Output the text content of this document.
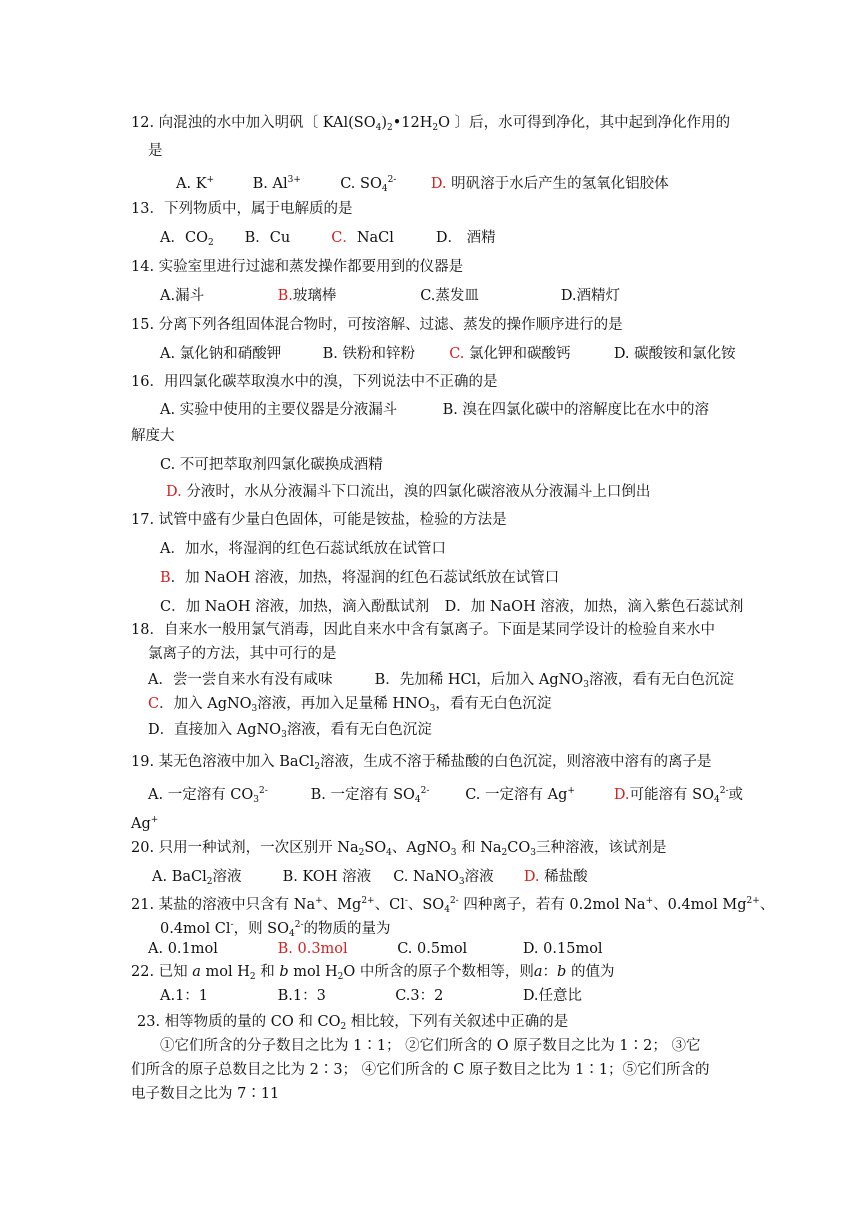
12. 向混浊的水中加入明矾〔 $KAl(SO_4)_2•12H_2O$ 〕后，水可得到净化，其中起到净化作用的
是
A. K+	B. $Al^{3+}$	C. $SO_4^{2-}$ D. 明矾溶于水后产生的氢氧化铝胶体
13．下列物质中，属于电解质的是
A．$CO_2$ B．Cu	C．NaCl	D． 酒精
14. 实验室里进行过滤和蒸发操作都要用到的仪器是
A.漏斗	B.玻璃棒	C.蒸发皿	D.酒精灯
15. 分离下列各组固体混合物时，可按溶解、过滤、蒸发的操作顺序进行的是
A. 氯化钠和硝酸钾	B. 铁粉和锌粉 C. 氯化钾和碳酸钙	D. 碳酸铵和氯化铵
16．用四氯化碳萃取溴水中的溴，下列说法中不正确的是
A. 实验中使用的主要仪器是分液漏斗	B. 溴在四氯化碳中的溶解度比在水中的溶
解度大
C. 不可把萃取剂四氯化碳换成酒精
D. 分液时，水从分液漏斗下口流出，溴的四氯化碳溶液从分液漏斗上口倒出
17. 试管中盛有少量白色固体，可能是铵盐，检验的方法是
A．加水，将湿润的红色石蕊试纸放在试管口
B．加 NaOH 溶液，加热，将湿润的红色石蕊试纸放在试管口
C．加 NaOH 溶液，加热，滴入酚酞试剂 D．加 NaOH 溶液，加热，滴入紫色石蕊试剂
18．自来水一般用氯气消毒，因此自来水中含有氯离子。下面是某同学设计的检验自来水中
氯离子的方法，其中可行的是
A．尝一尝自来水有没有咸味	B．先加稀 HCl，后加入 AgNO$_3$溶液，看有无白色沉淀
C．加入 AgNO$_3$溶液，再加入足量稀 $HNO_3$，看有无白色沉淀
D．直接加入 AgNO$_3$溶液，看有无白色沉淀
19. 某无色溶液中加入 BaCl$_2$溶液，生成不溶于稀盐酸的白色沉淀，则溶液中溶有的离子是
A. 一定溶有 $CO_3^{2-}$	B. 一定溶有 $SO_4^{2-}$ C. 一定溶有 Ag+	D.可能溶有 $SO_4^{2-}$或
Ag+
20. 只用一种试剂，一次区别开 $Na_2SO_4$、AgNO$_3$ 和 $Na_2CO_3$三种溶液，该试剂是
A. BaCl$_2$溶液	B. KOH 溶液 C. NaNO$_3$溶液 D. 稀盐酸
21. 某盐的溶液中只含有 Na+、$Mg^{2+}$、Cl-、$SO_4^{2-}$ 四种离子，若有 0.2mol Na+、0.4mol $Mg^{2+}$、
0.4mol Cl-，则 $SO_4^{2-}$的物质的量为
A. 0.1mol	B. 0.3mol	C. 0.5mol	D. 0.15mol
22. 已知 a mol $H_2$ 和 b mol $H_2O$ 中所含的原子个数相等，则a：b 的值为
A.1：1	B.1：3	C.3：2	D.任意比
23. 相等物质的量的 CO 和 $CO_2$ 相比较，下列有关叙述中正确的是
①它们所含的分子数目之比为 1∶1； ②它们所含的 O 原子数目之比为 1∶2； ③它
们所含的原子总数目之比为 2∶3； ④它们所含的 C 原子数目之比为 1∶1；⑤它们所含的
电子数目之比为 7∶11
